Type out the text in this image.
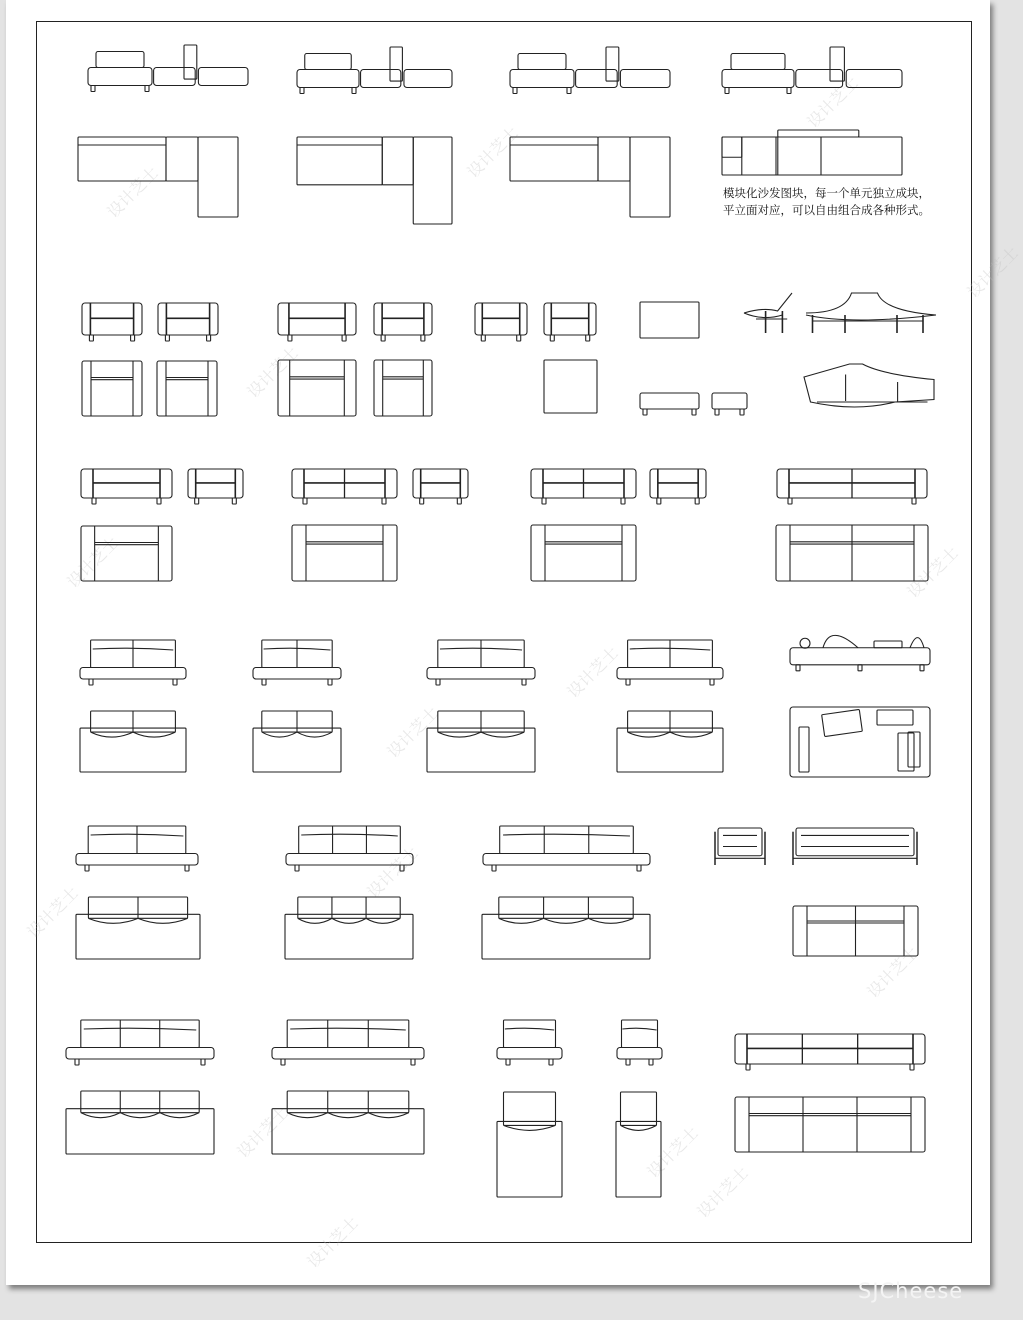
设计芝士
设计芝士
设计芝士
设计芝士
设计芝士
设计芝士
设计芝士
设计芝士
设计芝士
设计芝士
设计芝士
设计芝士	设计芝士
设计芝士
设计芝士
设计芝士
模块化沙发图块，每一个单元独立成块，
平立面对应，可以自由组合成各种形式。
SJCheese
